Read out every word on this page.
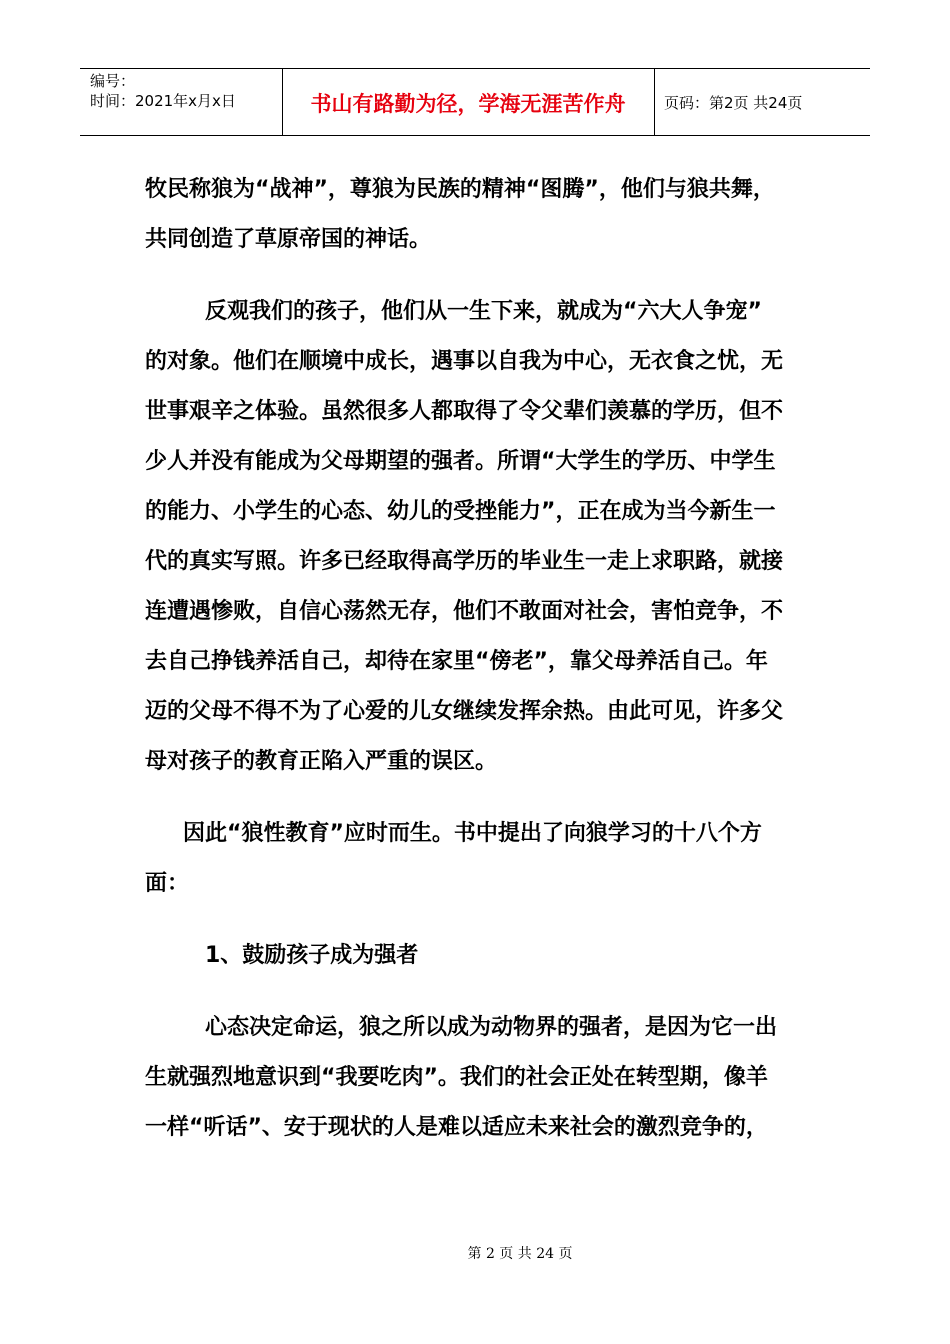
编号：
时间：2021年x月x日	书山有路勤为径，学海无涯苦作舟	页码：第2页 共24页
牧民称狼为“战神”，尊狼为民族的精神“图腾”，他们与狼共舞，
共同创造了草原帝国的神话。
反观我们的孩子，他们从一生下来，就成为“六大人争宠”
的对象。他们在顺境中成长，遇事以自我为中心，无衣食之忧，无
世事艰辛之体验。虽然很多人都取得了令父辈们羡慕的学历，但不
少人并没有能成为父母期望的强者。所谓“大学生的学历、中学生
的能力、小学生的心态、幼儿的受挫能力”，正在成为当今新生一
代的真实写照。许多已经取得高学历的毕业生一走上求职路，就接
连遭遇惨败，自信心荡然无存，他们不敢面对社会，害怕竞争，不
去自己挣钱养活自己，却待在家里“傍老”，靠父母养活自己。年
迈的父母不得不为了心爱的儿女继续发挥余热。由此可见，许多父
母对孩子的教育正陷入严重的误区。
因此“狼性教育”应时而生。书中提出了向狼学习的十八个方
面：
1、鼓励孩子成为强者
心态决定命运，狼之所以成为动物界的强者，是因为它一出
生就强烈地意识到“我要吃肉”。我们的社会正处在转型期，像羊
一样“听话”、安于现状的人是难以适应未来社会的激烈竞争的，
第 2 页 共 24 页
